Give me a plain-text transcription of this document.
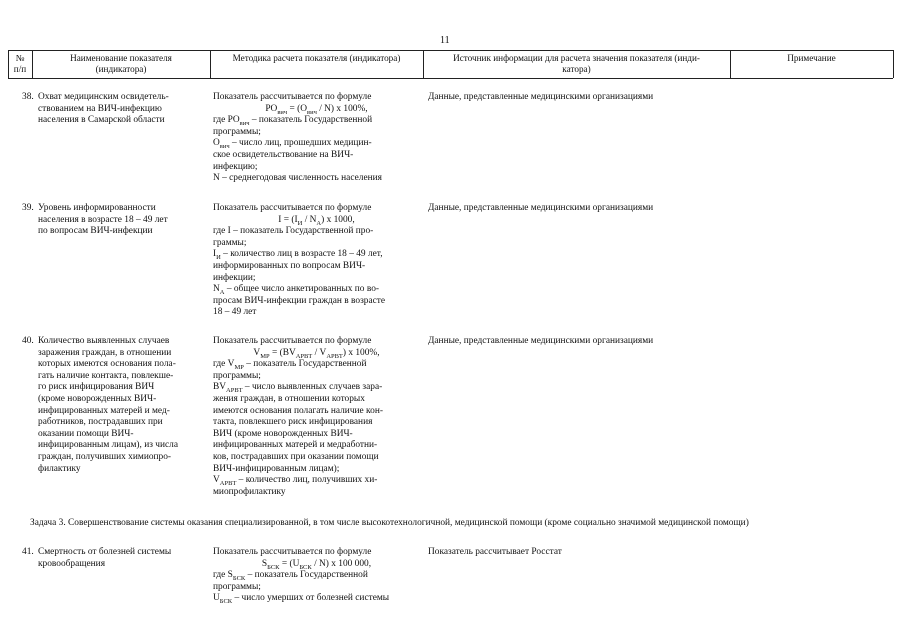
11
№
п/п
Наименование показателя
(индикатора)
Методика расчета показателя (индикатора)	Источник информации для расчета значения показателя (инди-
катора)
Примечание
38. Охват медицинским освидетель-
ствованием на ВИЧ-инфекцию
населения в Самарской области
Показатель рассчитывается по формуле
$PO_{вич} = (O_{вич} / N)$ x 100%,
где $PO_{вич}$ – показатель Государственной
программы;
$O_{вич}$ – число лиц, прошедших медицин-
ское освидетельствование на ВИЧ-
инфекцию;
N – среднегодовая численность населения
Данные, представленные медицинскими организациями
39. Уровень информированности
населения в возрасте 18 – 49 лет
по вопросам ВИЧ-инфекции
Показатель рассчитывается по формуле
$I = (I_И / N_A)$ x 1000,
где I – показатель Государственной про-
граммы;
$I_И$ – количество лиц в возрасте 18 – 49 лет,
информированных по вопросам ВИЧ-
инфекции;
$N_A$ – общее число анкетированных по во-
просам ВИЧ-инфекции граждан в возрасте
18 – 49 лет
Данные, представленные медицинскими организациями
40. Количество выявленных случаев
заражения граждан, в отношении
которых имеются основания пола-
гать наличие контакта, повлекше-
го риск инфицирования ВИЧ
(кроме новорожденных ВИЧ-
инфицированных матерей и мед-
работников, пострадавших при
оказании помощи ВИЧ-
инфицированным лицам), из числа
граждан, получивших химиопро-
филактику
Показатель рассчитывается по формуле
$V_{МР} = (BV_{АРВТ} / V_{АРВТ})$ x 100%,
где $V_{МР}$ – показатель Государственной
программы;
$BV_{АРВТ}$ – число выявленных случаев зара-
жения граждан, в отношении которых
имеются основания полагать наличие кон-
такта, повлекшего риск инфицирования
ВИЧ (кроме новорожденных ВИЧ-
инфицированных матерей и медработни-
ков, пострадавших при оказании помощи
ВИЧ-инфицированным лицам);
$V_{АРВТ}$ – количество лиц, получивших хи-
миопрофилактику
Данные, представленные медицинскими организациями
Задача 3. Совершенствование системы оказания специализированной, в том числе высокотехнологичной, медицинской помощи (кроме социально значимой медицинской помощи)
41. Смертность от болезней системы
кровообращения
Показатель рассчитывается по формуле
$S_{БСК} = (U_{БСК} / N)$ x 100 000,
где $S_{БСК}$ – показатель Государственной
программы;
$U_{БСК}$ – число умерших от болезней системы
Показатель рассчитывает Росстат
